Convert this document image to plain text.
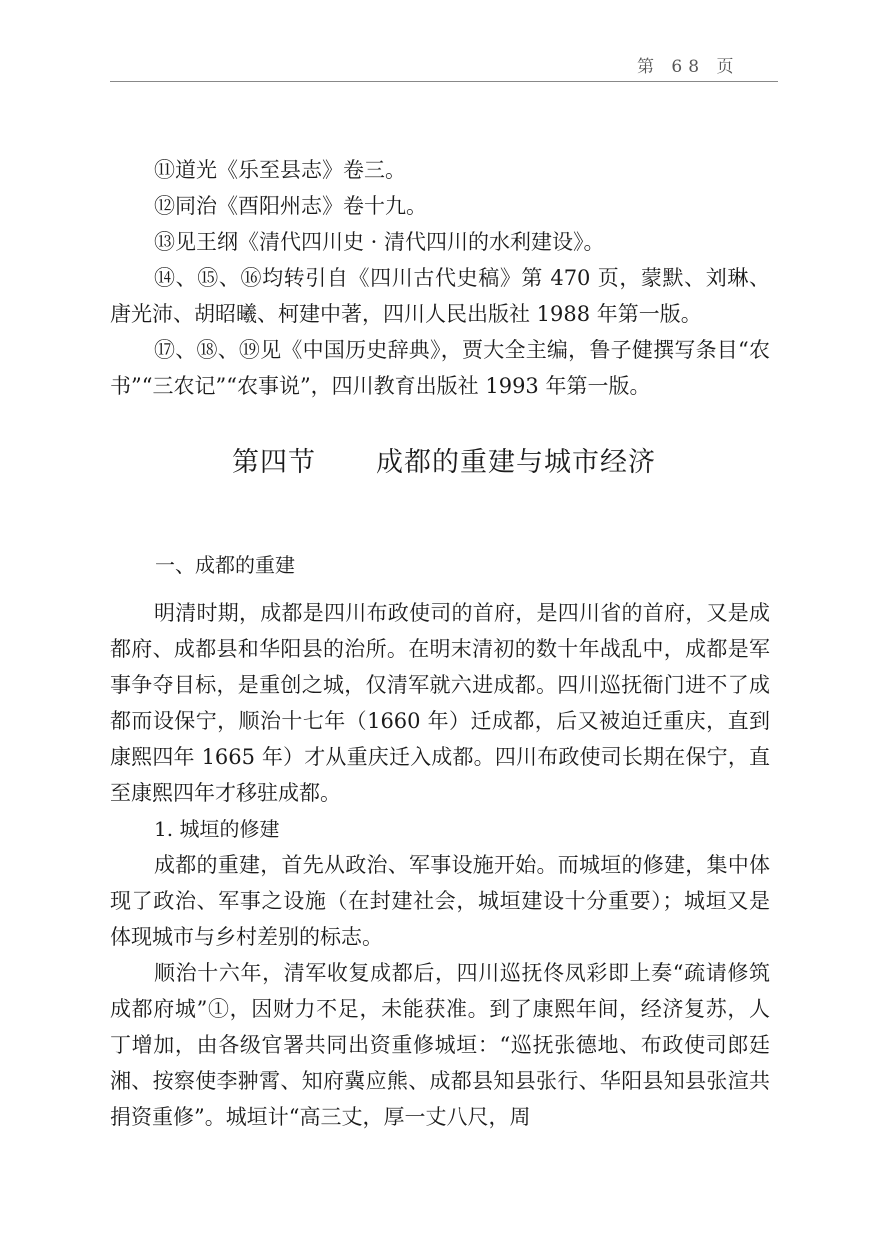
第 68 页
⑪道光《乐至县志》卷三。
⑫同治《酉阳州志》卷十九。
⑬见王纲《清代四川史 · 清代四川的水利建设》。
⑭、⑮、⑯均转引自《四川古代史稿》第 470 页，蒙默、刘琳、唐光沛、胡昭曦、柯建中著，四川人民出版社 1988 年第一版。
⑰、⑱、⑲见《中国历史辞典》，贾大全主编，鲁子健撰写条目“农书”“三农记”“农事说”，四川教育出版社 1993 年第一版。
第四节 成都的重建与城市经济
一、成都的重建

明清时期，成都是四川布政使司的首府，是四川省的首府，又是成都府、成都县和华阳县的治所。在明末清初的数十年战乱中，成都是军事争夺目标，是重创之城，仅清军就六进成都。四川巡抚衙门进不了成都而设保宁，顺治十七年（1660 年）迁成都，后又被迫迁重庆，直到康熙四年 1665 年）才从重庆迁入成都。四川布政使司长期在保宁，直至康熙四年才移驻成都。

1. 城垣的修建

成都的重建，首先从政治、军事设施开始。而城垣的修建，集中体现了政治、军事之设施（在封建社会，城垣建设十分重要）；城垣又是体现城市与乡村差别的标志。

顺治十六年，清军收复成都后，四川巡抚佟凤彩即上奏“疏请修筑成都府城”①，因财力不足，未能获准。到了康熙年间，经济复苏，人丁增加，由各级官署共同出资重修城垣：“巡抚张德地、布政使司郎廷湘、按察使李翀霄、知府冀应熊、成都县知县张行、华阳县知县张渲共捐资重修”。城垣计“高三丈，厚一丈八尺，周
